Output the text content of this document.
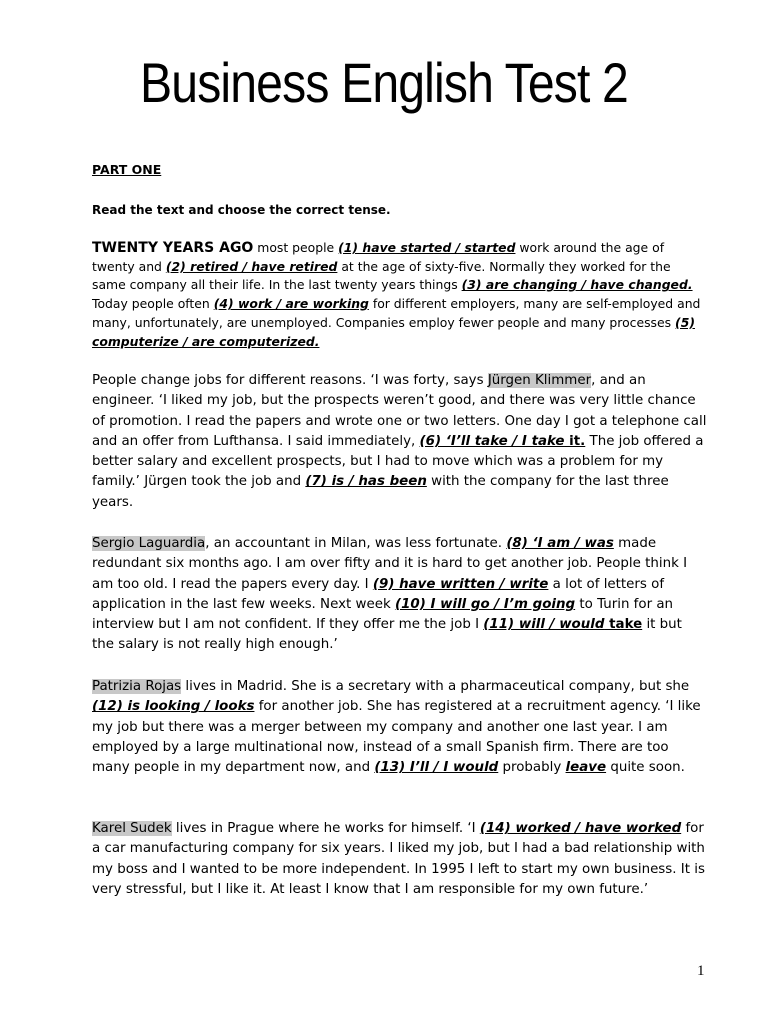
Business English Test 2
PART ONE
Read the text and choose the correct tense.
TWENTY YEARS AGO most people (1) have started / started work around the age of twenty and (2) retired / have retired at the age of sixty-five. Normally they worked for the same company all their life. In the last twenty years things (3) are changing / have changed. Today people often (4) work / are working for different employers, many are self-employed and many, unfortunately, are unemployed. Companies employ fewer people and many processes (5) computerize / are computerized.
People change jobs for different reasons. ‘I was forty, says Jürgen Klimmer, and an engineer. ‘I liked my job, but the prospects weren’t good, and there was very little chance of promotion. I read the papers and wrote one or two letters. One day I got a telephone call and an offer from Lufthansa. I said immediately, (6) ‘I’ll take / I take it. The job offered a better salary and excellent prospects, but I had to move which was a problem for my family.’ Jürgen took the job and (7) is / has been with the company for the last three years.
Sergio Laguardia, an accountant in Milan, was less fortunate. (8) ‘I am / was made redundant six months ago. I am over fifty and it is hard to get another job. People think I am too old. I read the papers every day. I (9) have written / write a lot of letters of application in the last few weeks. Next week (10) I will go / I’m going to Turin for an interview but I am not confident. If they offer me the job I (11) will / would take it but the salary is not really high enough.’
Patrizia Rojas lives in Madrid. She is a secretary with a pharmaceutical company, but she (12) is looking / looks for another job. She has registered at a recruitment agency. ‘I like my job but there was a merger between my company and another one last year. I am employed by a large multinational now, instead of a small Spanish firm. There are too many people in my department now, and (13) I’ll / I would probably leave quite soon.
Karel Sudek lives in Prague where he works for himself. ‘I (14) worked / have worked for a car manufacturing company for six years. I liked my job, but I had a bad relationship with my boss and I wanted to be more independent. In 1995 I left to start my own business. It is very stressful, but I like it. At least I know that I am responsible for my own future.’
1
